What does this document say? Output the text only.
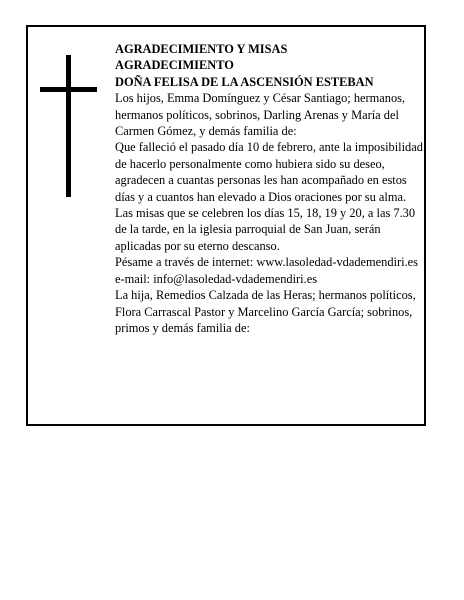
AGRADECIMIENTO Y MISAS

AGRADECIMIENTO

DOÑA FELISA DE LA ASCENSIÓN ESTEBAN

Los hijos, Emma Domínguez y César Santiago; hermanos, hermanos políticos, sobrinos, Darling Arenas y María del Carmen Gómez, y demás familia de:

Que falleció el pasado día 10 de febrero, ante la imposibilidad de hacerlo personalmente como hubiera sido su deseo, agradecen a cuantas personas les han acompañado en estos días y a cuantos han elevado a Dios oraciones por su alma.

Las misas que se celebren los días 15, 18, 19 y 20, a las 7.30 de la tarde, en la iglesia parroquial de San Juan, serán aplicadas por su eterno descanso.

Pésame a través de internet: www.lasoledad-vdademendiri.es e-mail: info@lasoledad-vdademendiri.es

La hija, Remedios Calzada de las Heras; hermanos políticos, Flora Carrascal Pastor y Marcelino García García; sobrinos, primos y demás familia de:
